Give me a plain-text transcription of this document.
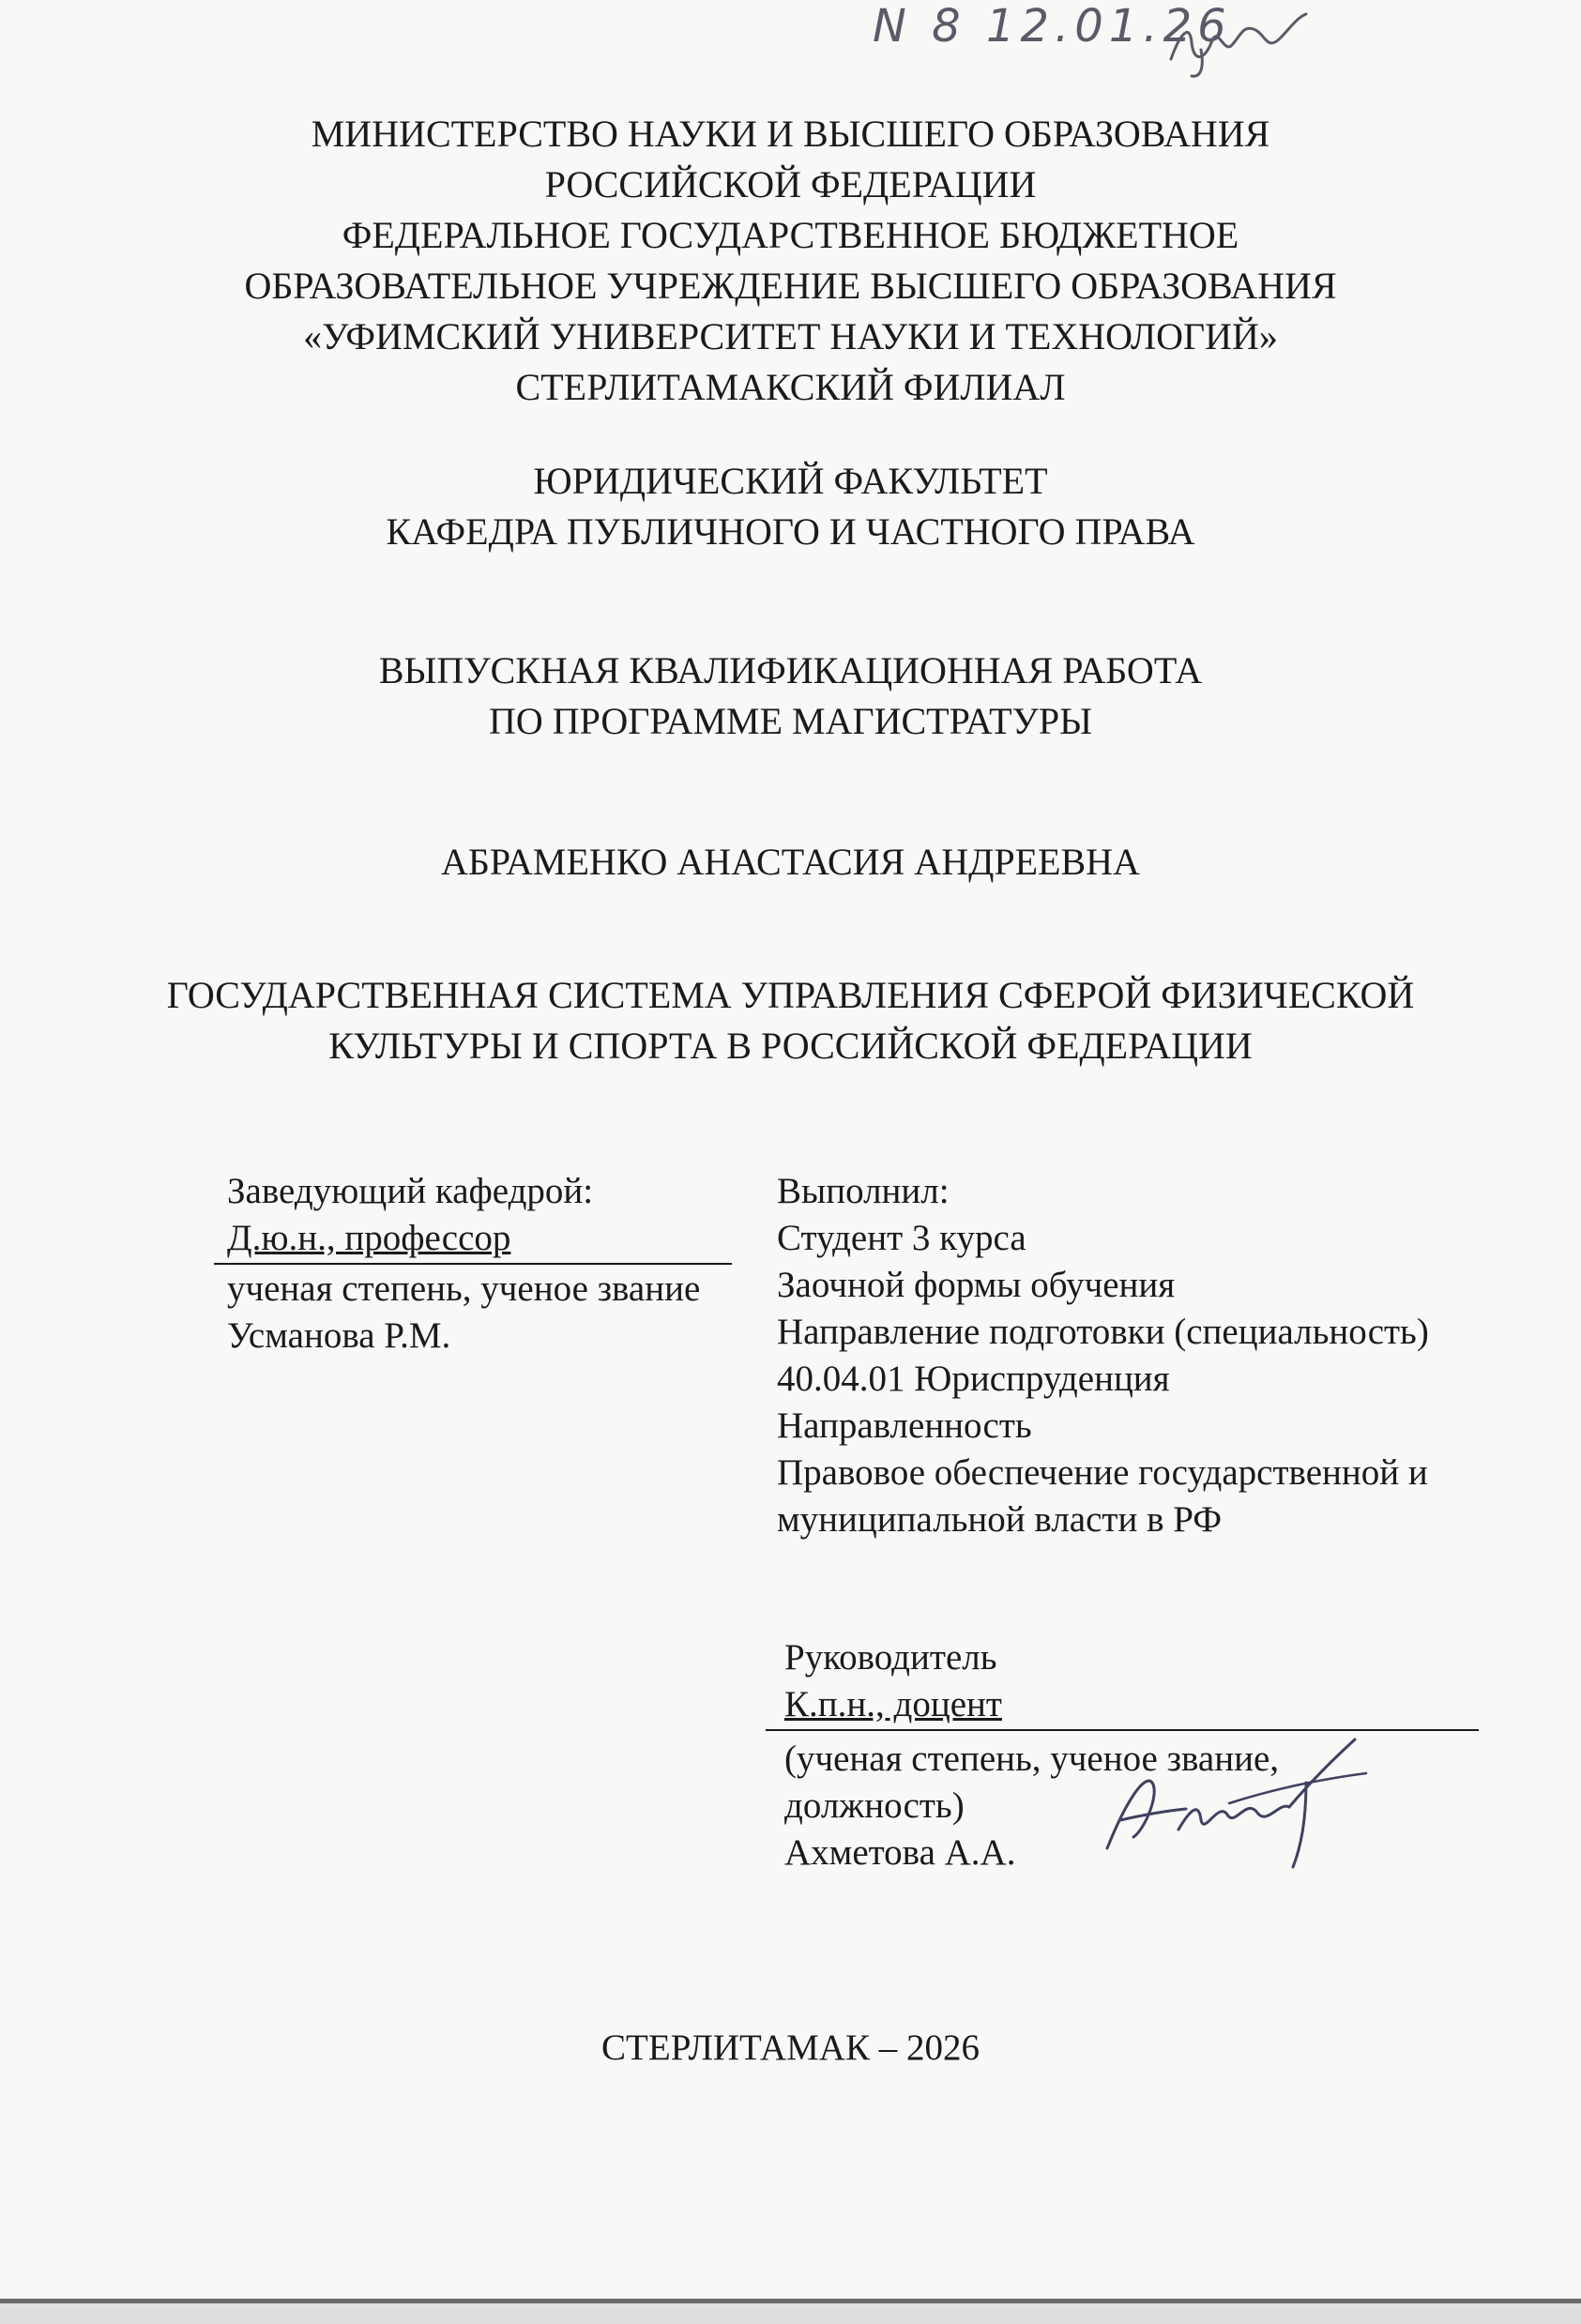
N 8 12.01.26
МИНИСТЕРСТВО НАУКИ И ВЫСШЕГО ОБРАЗОВАНИЯ
РОССИЙСКОЙ ФЕДЕРАЦИИ
ФЕДЕРАЛЬНОЕ ГОСУДАРСТВЕННОЕ БЮДЖЕТНОЕ
ОБРАЗОВАТЕЛЬНОЕ УЧРЕЖДЕНИЕ ВЫСШЕГО ОБРАЗОВАНИЯ
«УФИМСКИЙ УНИВЕРСИТЕТ НАУКИ И ТЕХНОЛОГИЙ»
СТЕРЛИТАМАКСКИЙ ФИЛИАЛ
ЮРИДИЧЕСКИЙ ФАКУЛЬТЕТ
КАФЕДРА ПУБЛИЧНОГО И ЧАСТНОГО ПРАВА
ВЫПУСКНАЯ КВАЛИФИКАЦИОННАЯ РАБОТА
ПО ПРОГРАММЕ МАГИСТРАТУРЫ
АБРАМЕНКО АНАСТАСИЯ АНДРЕЕВНА
ГОСУДАРСТВЕННАЯ СИСТЕМА УПРАВЛЕНИЯ СФЕРОЙ ФИЗИЧЕСКОЙ
КУЛЬТУРЫ И СПОРТА В РОССИЙСКОЙ ФЕДЕРАЦИИ
Заведующий кафедрой:
Д.ю.н., профессор
ученая степень, ученое звание
Усманова Р.М.
Выполнил:
Студент 3 курса
Заочной формы обучения
Направление подготовки (специальность)
40.04.01 Юриспруденция
Направленность
Правовое обеспечение государственной и
муниципальной власти в РФ
Руководитель
К.п.н., доцент
(ученая степень, ученое звание,
должность)
Ахметова А.А.
СТЕРЛИТАМАК – 2026
